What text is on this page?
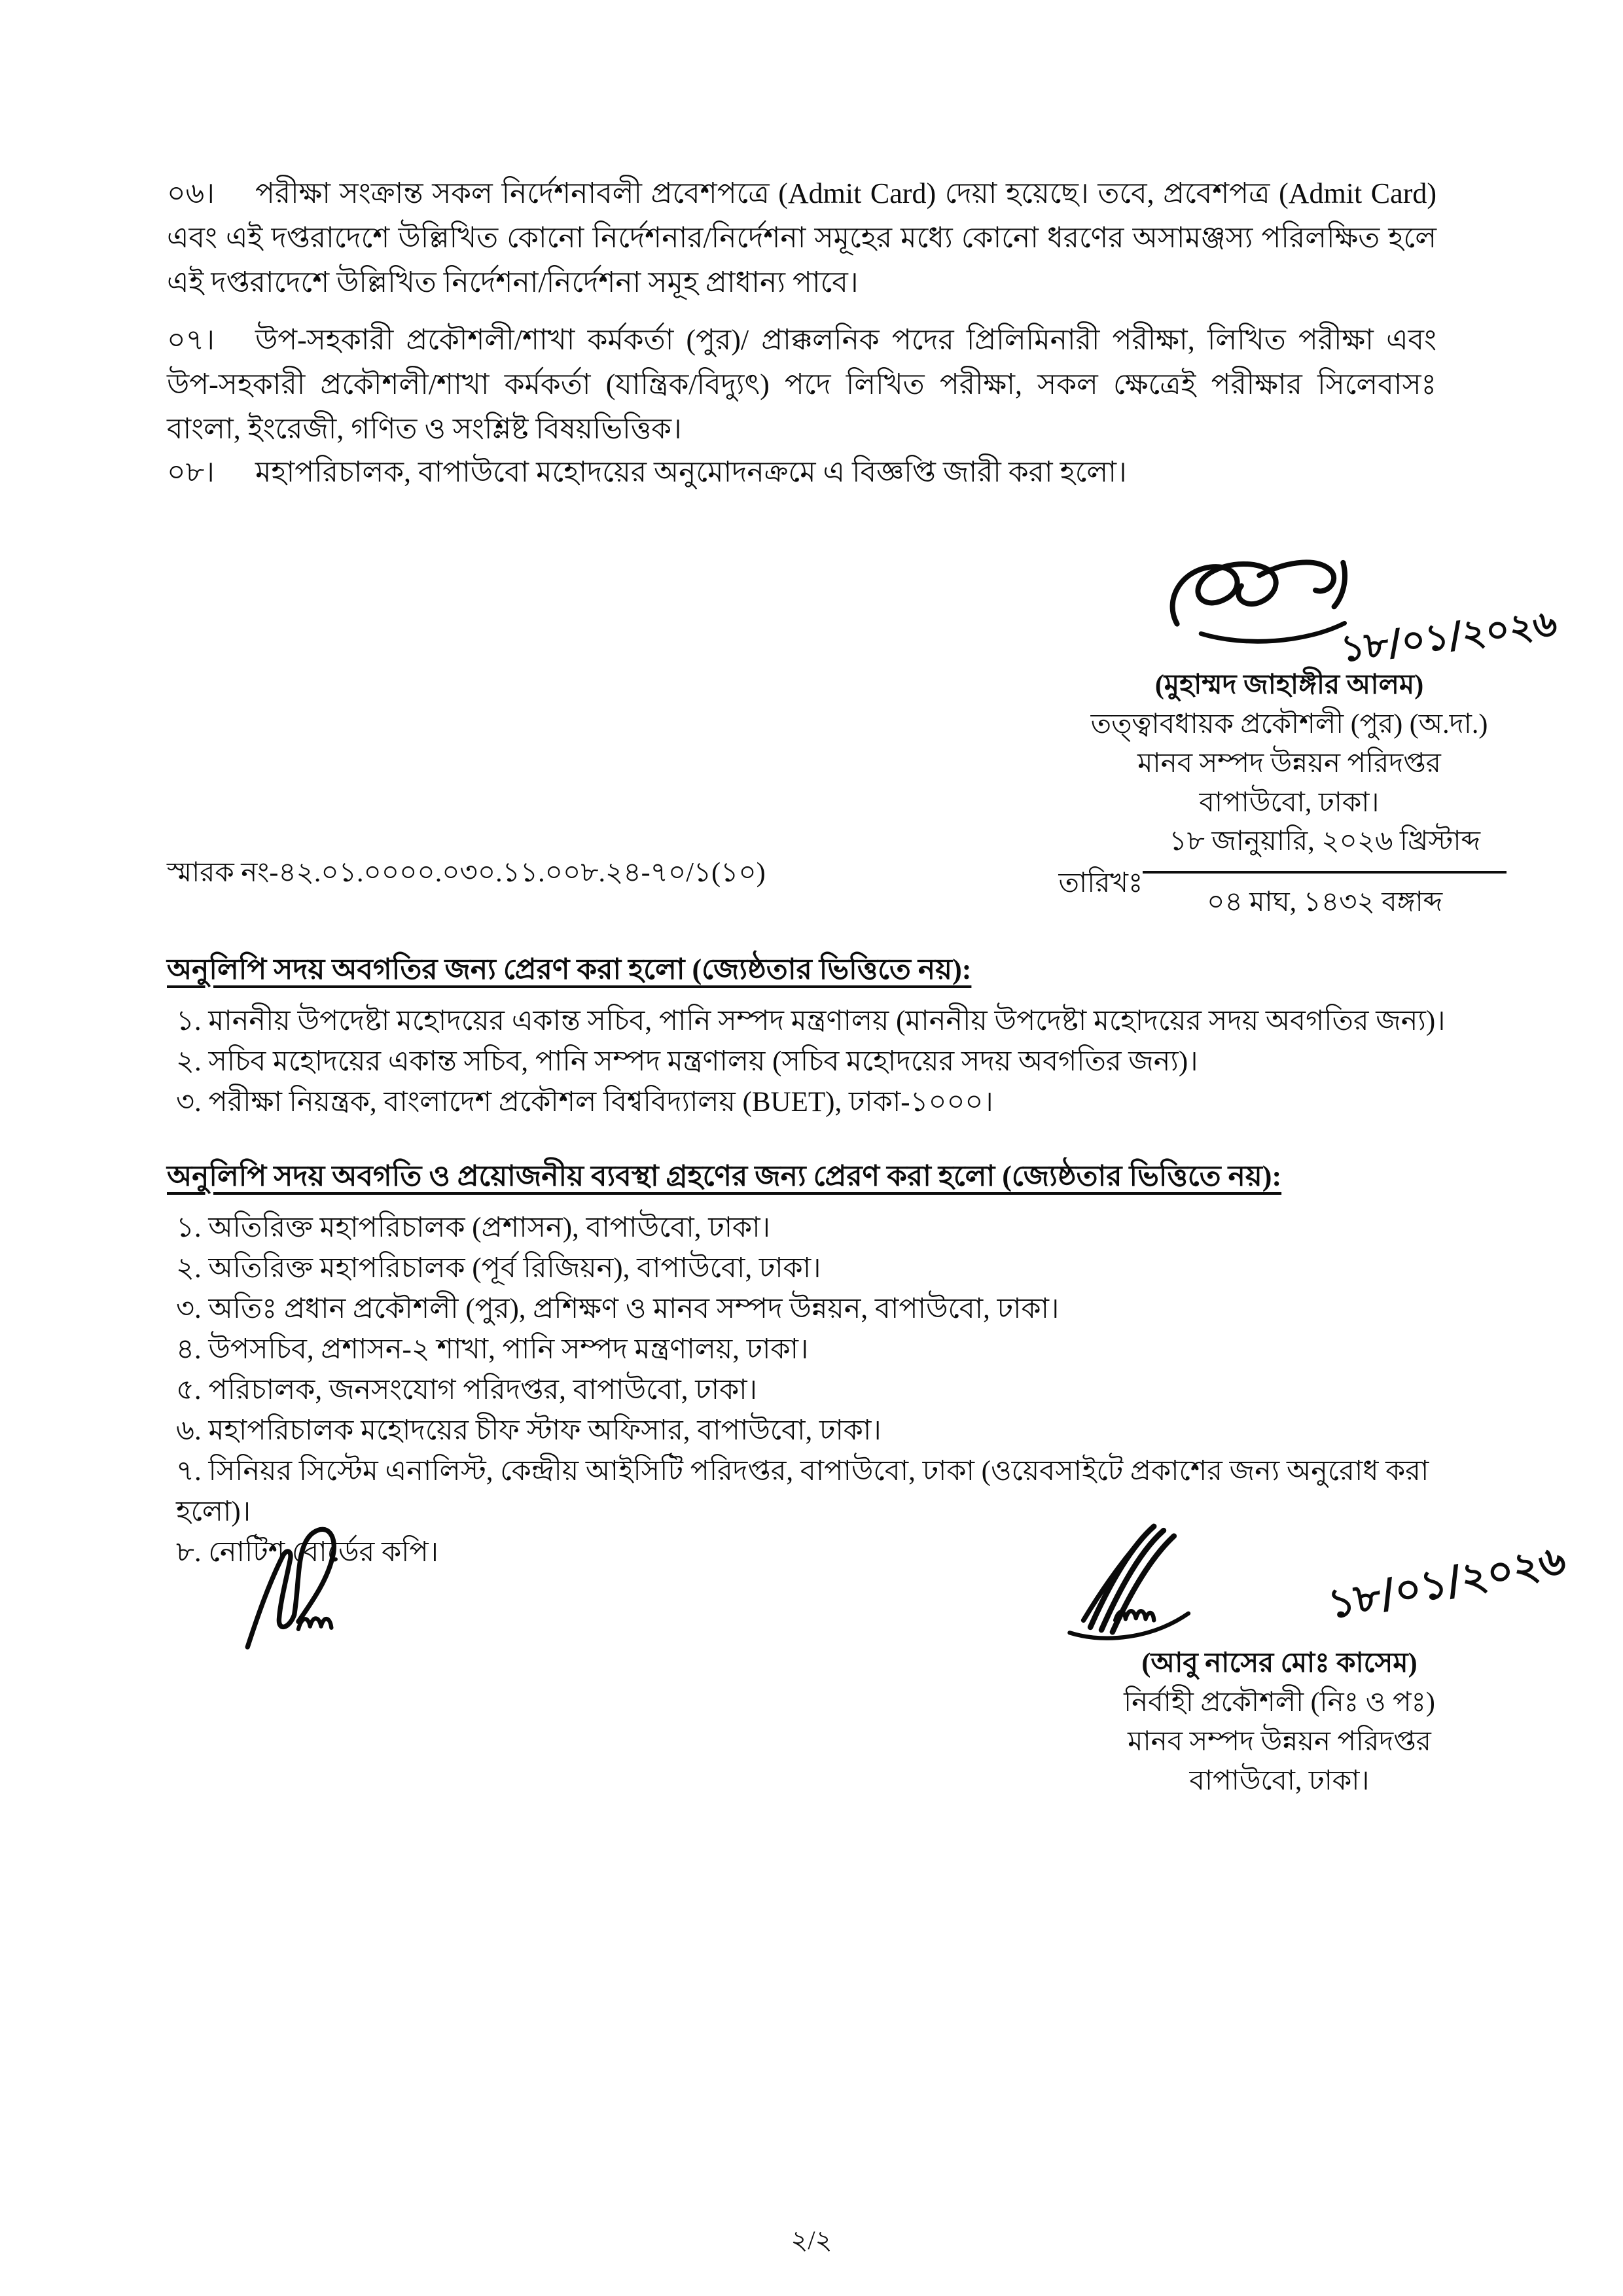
০৬। পরীক্ষা সংক্রান্ত সকল নির্দেশনাবলী প্রবেশপত্রে (Admit Card) দেয়া হয়েছে। তবে, প্রবেশপত্র (Admit Card) এবং এই দপ্তরাদেশে উল্লিখিত কোনো নির্দেশনার/নির্দেশনা সমূহের মধ্যে কোনো ধরণের অসামঞ্জস্য পরিলক্ষিত হলে এই দপ্তরাদেশে উল্লিখিত নির্দেশনা/নির্দেশনা সমূহ প্রাধান্য পাবে।
০৭। উপ-সহকারী প্রকৌশলী/শাখা কর্মকর্তা (পুর)/ প্রাক্কলনিক পদের প্রিলিমিনারী পরীক্ষা, লিখিত পরীক্ষা এবং উপ-সহকারী প্রকৌশলী/শাখা কর্মকর্তা (যান্ত্রিক/বিদ্যুৎ) পদে লিখিত পরীক্ষা, সকল ক্ষেত্রেই পরীক্ষার সিলেবাসঃ বাংলা, ইংরেজী, গণিত ও সংশ্লিষ্ট বিষয়ভিত্তিক।
০৮। মহাপরিচালক, বাপাউবো মহোদয়ের অনুমোদনক্রমে এ বিজ্ঞপ্তি জারী করা হলো।
১৮/০১/২০২৬
(মুহাম্মদ জাহাঙ্গীর আলম)
তত্ত্বাবধায়ক প্রকৌশলী (পুর) (অ.দা.)
মানব সম্পদ উন্নয়ন পরিদপ্তর
বাপাউবো, ঢাকা।
স্মারক নং-৪২.০১.০০০০.০৩০.১১.০০৮.২৪-৭০/১(১০)	তারিখঃ $\frac{\text{১৮ জানুয়ারি, ২০২৬ খ্রিস্টাব্দ}}{\text{০৪ মাঘ, ১৪৩২ বঙ্গাব্দ}}$
অনুলিপি সদয় অবগতির জন্য প্রেরণ করা হলো (জ্যেষ্ঠতার ভিত্তিতে নয়):
১. মাননীয় উপদেষ্টা মহোদয়ের একান্ত সচিব, পানি সম্পদ মন্ত্রণালয় (মাননীয় উপদেষ্টা মহোদয়ের সদয় অবগতির জন্য)।
২. সচিব মহোদয়ের একান্ত সচিব, পানি সম্পদ মন্ত্রণালয় (সচিব মহোদয়ের সদয় অবগতির জন্য)।
৩. পরীক্ষা নিয়ন্ত্রক, বাংলাদেশ প্রকৌশল বিশ্ববিদ্যালয় (BUET), ঢাকা-১০০০।
অনুলিপি সদয় অবগতি ও প্রয়োজনীয় ব্যবস্থা গ্রহণের জন্য প্রেরণ করা হলো (জ্যেষ্ঠতার ভিত্তিতে নয়):
১. অতিরিক্ত মহাপরিচালক (প্রশাসন), বাপাউবো, ঢাকা।
২. অতিরিক্ত মহাপরিচালক (পূর্ব রিজিয়ন), বাপাউবো, ঢাকা।
৩. অতিঃ প্রধান প্রকৌশলী (পুর), প্রশিক্ষণ ও মানব সম্পদ উন্নয়ন, বাপাউবো, ঢাকা।
৪. উপসচিব, প্রশাসন-২ শাখা, পানি সম্পদ মন্ত্রণালয়, ঢাকা।
৫. পরিচালক, জনসংযোগ পরিদপ্তর, বাপাউবো, ঢাকা।
৬. মহাপরিচালক মহোদয়ের চীফ স্টাফ অফিসার, বাপাউবো, ঢাকা।
৭. সিনিয়র সিস্টেম এনালিস্ট, কেন্দ্রীয় আইসিটি পরিদপ্তর, বাপাউবো, ঢাকা (ওয়েবসাইটে প্রকাশের জন্য অনুরোধ করা হলো)।
৮. নোটিশ বোর্ডের কপি।	১৮/০১/২০২৬
(আবু নাসের মোঃ কাসেম)
নির্বাহী প্রকৌশলী (নিঃ ও পঃ)
মানব সম্পদ উন্নয়ন পরিদপ্তর
বাপাউবো, ঢাকা।
২/২
